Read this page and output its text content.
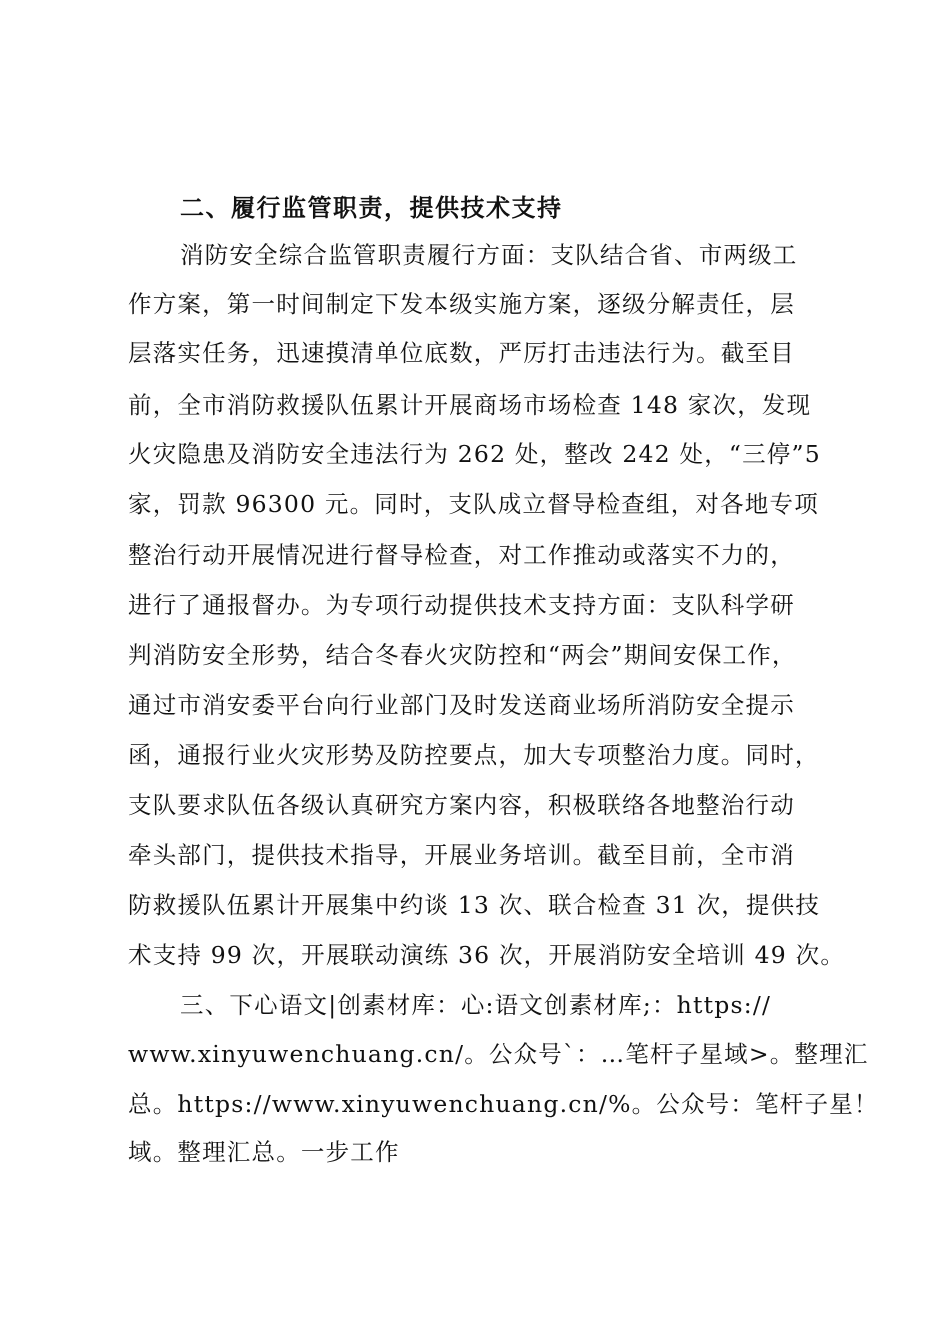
二、履行监管职责，提供技术支持
消防安全综合监管职责履行方面：支队结合省、市两级工
作方案，第一时间制定下发本级实施方案，逐级分解责任，层
层落实任务，迅速摸清单位底数，严厉打击违法行为。截至目
前，全市消防救援队伍累计开展商场市场检查 148 家次，发现
火灾隐患及消防安全违法行为 262 处，整改 242 处，“三停”5
家，罚款 96300 元。同时，支队成立督导检查组，对各地专项
整治行动开展情况进行督导检查，对工作推动或落实不力的，
进行了通报督办。为专项行动提供技术支持方面：支队科学研
判消防安全形势，结合冬春火灾防控和“两会”期间安保工作，
通过市消安委平台向行业部门及时发送商业场所消防安全提示
函，通报行业火灾形势及防控要点，加大专项整治力度。同时，
支队要求队伍各级认真研究方案内容，积极联络各地整治行动
牵头部门，提供技术指导，开展业务培训。截至目前，全市消
防救援队伍累计开展集中约谈 13 次、联合检查 31 次，提供技
术支持 99 次，开展联动演练 36 次，开展消防安全培训 49 次。
三、下心语文|创素材库：心:语文创素材库;：https://
www.xinyuwenchuang.cn/。公众号`：…笔杆子星域>。整理汇
总。https://www.xinyuwenchuang.cn/%。公众号：笔杆子星！
域。整理汇总。一步工作
